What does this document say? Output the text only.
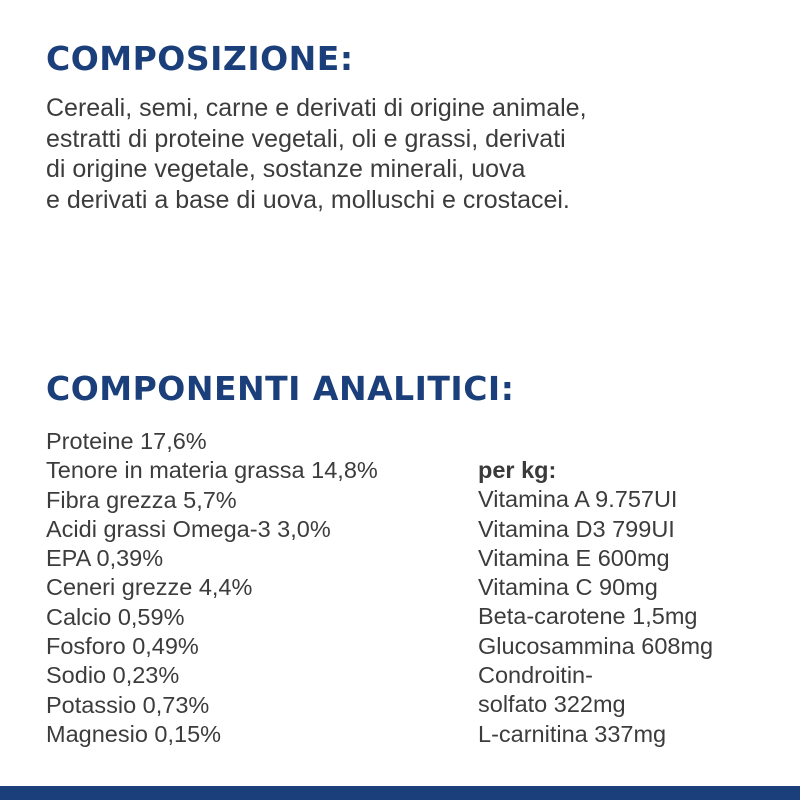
COMPOSIZIONE:

Cereali, semi, carne e derivati di origine animale,
estratti di proteine vegetali, oli e grassi, derivati
di origine vegetale, sostanze minerali, uova
e derivati a base di uova, molluschi e crostacei.

COMPONENTI ANALITICI:
Proteine 17,6%
Tenore in materia grassa 14,8%
Fibra grezza 5,7%
Acidi grassi Omega-3 3,0%
EPA 0,39%
Ceneri grezze 4,4%
Calcio 0,59%
Fosforo 0,49%
Sodio 0,23%
Potassio 0,73%
Magnesio 0,15%
per kg:
Vitamina A 9.757UI
Vitamina D3 799UI
Vitamina E 600mg
Vitamina C 90mg
Beta-carotene 1,5mg
Glucosammina 608mg
Condroitin-
solfato 322mg
L-carnitina 337mg
